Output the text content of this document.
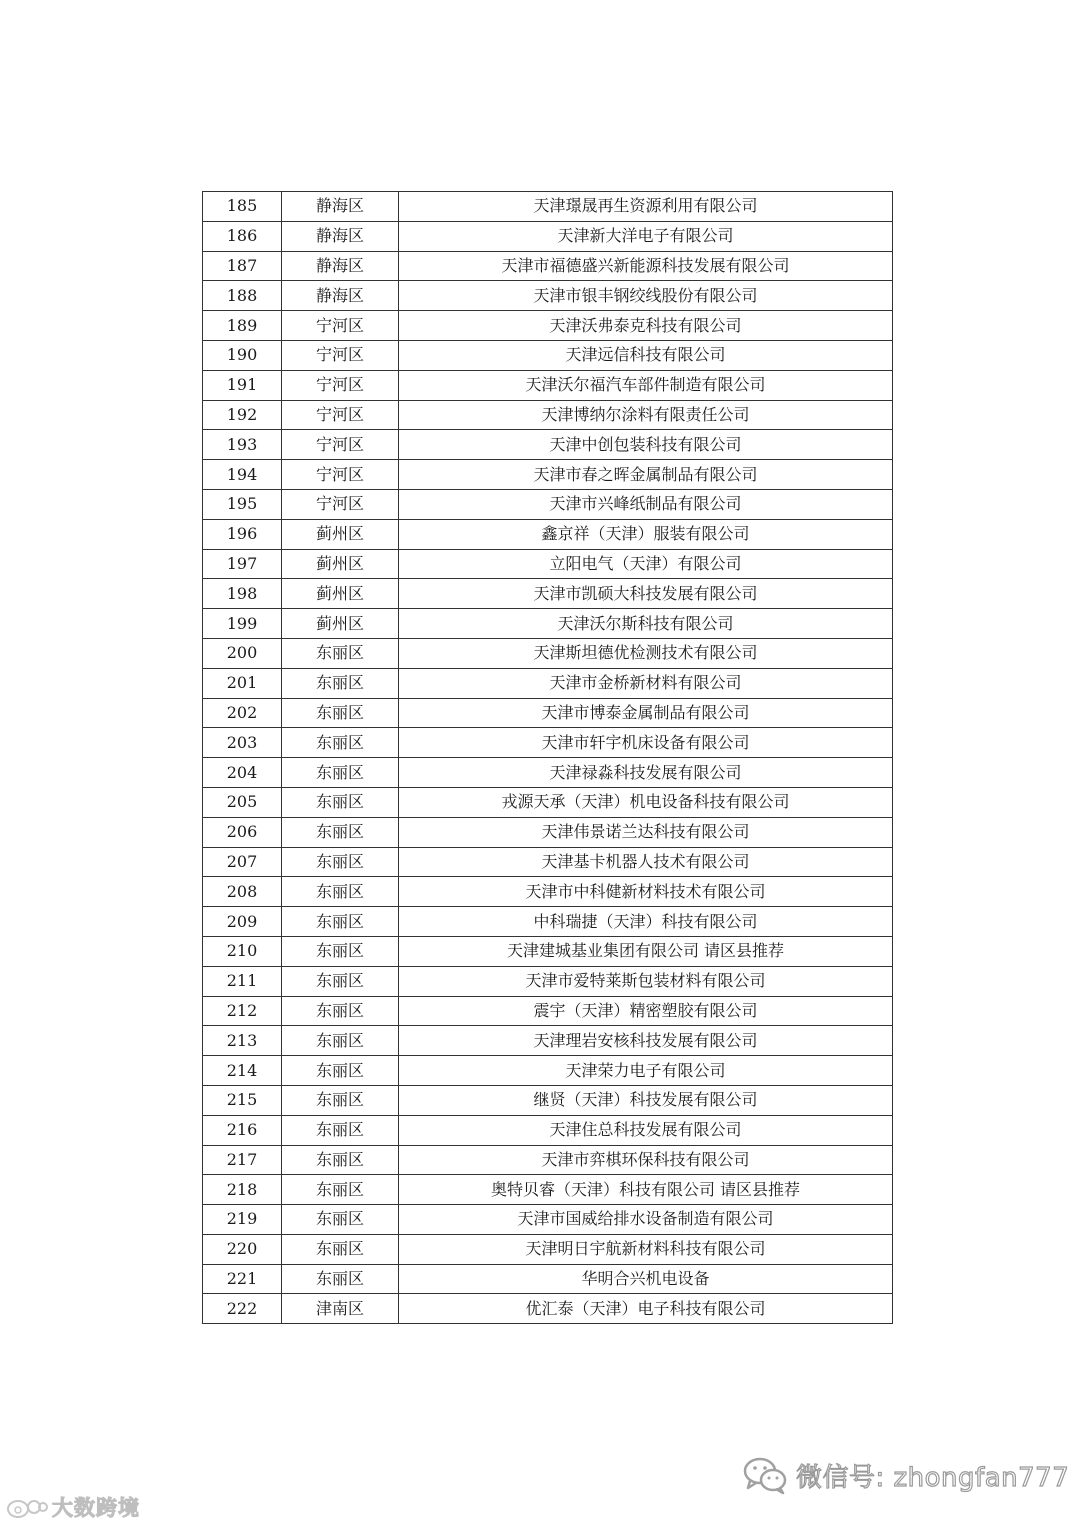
185	静海区	天津璟晟再生资源利用有限公司
186	静海区	天津新大洋电子有限公司
187	静海区	天津市福德盛兴新能源科技发展有限公司
188	静海区	天津市银丰钢绞线股份有限公司
189	宁河区	天津沃弗泰克科技有限公司
190	宁河区	天津远信科技有限公司
191	宁河区	天津沃尔福汽车部件制造有限公司
192	宁河区	天津博纳尔涂料有限责任公司
193	宁河区	天津中创包装科技有限公司
194	宁河区	天津市春之晖金属制品有限公司
195	宁河区	天津市兴峰纸制品有限公司
196	蓟州区	鑫京祥（天津）服装有限公司
197	蓟州区	立阳电气（天津）有限公司
198	蓟州区	天津市凯硕大科技发展有限公司
199	蓟州区	天津沃尔斯科技有限公司
200	东丽区	天津斯坦德优检测技术有限公司
201	东丽区	天津市金桥新材料有限公司
202	东丽区	天津市博泰金属制品有限公司
203	东丽区	天津市轩宇机床设备有限公司
204	东丽区	天津禄淼科技发展有限公司
205	东丽区	戎源天承（天津）机电设备科技有限公司
206	东丽区	天津伟景诺兰达科技有限公司
207	东丽区	天津基卡机器人技术有限公司
208	东丽区	天津市中科健新材料技术有限公司
209	东丽区	中科瑞捷（天津）科技有限公司
210	东丽区	天津建城基业集团有限公司 请区县推荐
211	东丽区	天津市爱特莱斯包装材料有限公司
212	东丽区	震宇（天津）精密塑胶有限公司
213	东丽区	天津理岩安核科技发展有限公司
214	东丽区	天津荣力电子有限公司
215	东丽区	继贤（天津）科技发展有限公司
216	东丽区	天津住总科技发展有限公司
217	东丽区	天津市弈棋环保科技有限公司
218	东丽区	奥特贝睿（天津）科技有限公司 请区县推荐
219	东丽区	天津市国威给排水设备制造有限公司
220	东丽区	天津明日宇航新材料科技有限公司
221	东丽区	华明合兴机电设备
222	津南区	优汇泰（天津）电子科技有限公司
大数跨境
微信号: zhongfan777
